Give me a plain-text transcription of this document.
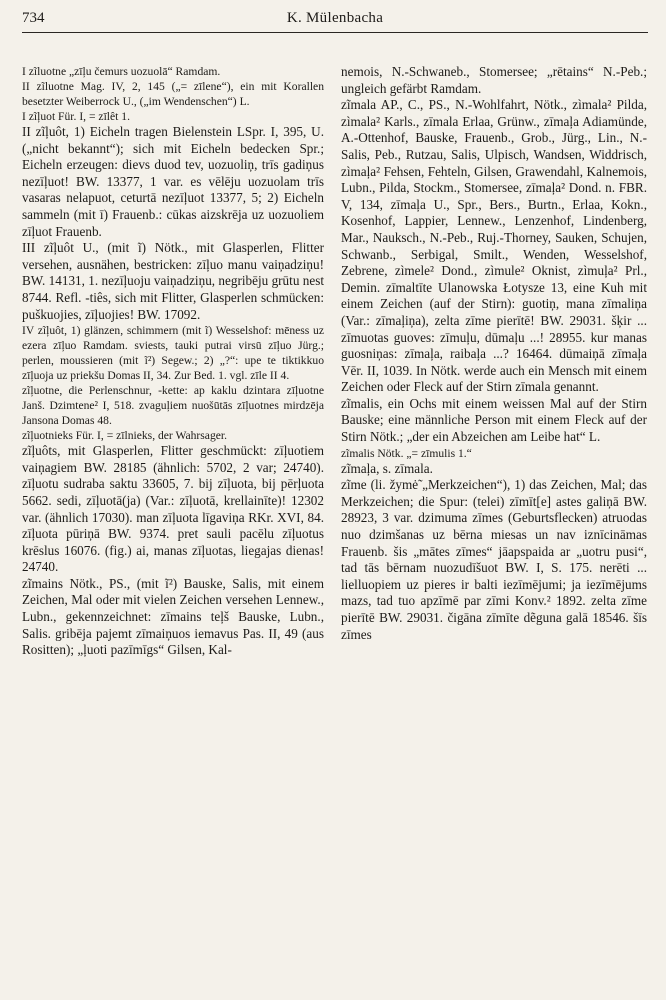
734	K. Mülenbacha

I zĩluotne „zīļu čemurs uozuolā“ Ramdam.

II zĩluotne Mag. IV, 2, 145 („= zīlene“), ein mit Korallen besetzter Weiberrock U., („im Wendenschen“) L.

I zĩļuot Für. I, = zīlêt 1.

II zĩļuôt, 1) Eicheln tragen Bielenstein LSpr. I, 395, U. („nicht bekannt“); sich mit Eicheln bedecken Spr.; Eicheln erzeugen: dievs duod tev, uozuoliņ, trīs gadiņus nezīļuot! BW. 13377, 1 var. es vēlēju uozuolam trīs vasaras nelapuot, ceturtā nezīļuot 13377, 5; 2) Eicheln sammeln (mit ī) Frauenb.: cūkas aizskrēja uz uozuoliem zīļuot Frauenb.

III zĩļuôt U., (mit ĩ) Nötk., mit Glasperlen, Flitter versehen, ausnähen, bestricken: zīļuo manu vaiņadziņu! BW. 14131, 1. nezīļuoju vaiņadziņu, negribēju grūtu nest 8744. Refl. -tiês, sich mit Flitter, Glasperlen schmücken: puškuojies, zīļuojies! BW. 17092.

IV zĩļuôt, 1) glänzen, schimmern (mit ĩ) Wesselshof: mēness uz ezera zīļuo Ramdam. sviests, tauki putrai virsū zīļuo Jürg.; perlen, moussieren (mit ĩ²) Segew.; 2) „?“: upe te tiktikkuo zīļuoja uz priekšu Domas II, 34. Zur Bed. 1. vgl. zīle II 4.

zĩļuotne, die Perlenschnur, -kette: ap kaklu dzintara zīļuotne Janš. Dzimtene² I, 518. zvaguļiem nuošūtās zīļuotnes mirdzēja Jansona Domas 48.

zĩļuotnieks Für. I, = zīlnieks, der Wahrsager.

zĩļuôts, mit Glasperlen, Flitter geschmückt: zīļuotiem vaiņagiem BW. 28185 (ähnlich: 5702, 2 var; 24740). zīļuotu sudraba saktu 33605, 7. bij zīļuota, bij pērļuota 5662. sedi, zīļuotā(ja) (Var.: zīļuotā, krellainīte)! 12302 var. (ähnlich 17030). man zīļuota līgaviņa RKr. XVI, 84. zīļuota pūriņā BW. 9374. pret sauli pacēlu zīļuotus krēslus 16076. (fig.) ai, manas zīļuotas, liegajas dienas! 24740.

zĩmains Nötk., PS., (mit ĩ²) Bauske, Salis, mit einem Zeichen, Mal oder mit vielen Zeichen versehen Lennew., Lubn., gekennzeichnet: zīmains teļš Bauske, Lubn., Salis. gribēja pajemt zīmaiņuos iemavus Pas. II, 49 (aus Rositten); „ļuoti pazīmīgs“ Gilsen, Kal-

nemois, N.-Schwaneb., Stomersee; „rētains“ N.-Peb.; ungleich gefärbt Ramdam.

zĩmala AP., C., PS., N.-Wohlfahrt, Nötk., zìmala² Pilda, zìmala² Karls., zīmala Erlaa, Grünw., zīmaļa Adiamünde, A.-Ottenhof, Bauske, Frauenb., Grob., Jürg., Lin., N.-Salis, Peb., Rutzau, Salis, Ulpisch, Wandsen, Widdrisch, zìmaļa² Fehsen, Fehteln, Gilsen, Grawendahl, Kalnemois, Lubn., Pilda, Stockm., Stomersee, zīmaļa² Dond. n. FBR. V, 134, zīmaļa U., Spr., Bers., Burtn., Erlaa, Kokn., Kosenhof, Lappier, Lennew., Lenzenhof, Lindenberg, Mar., Nauksch., N.-Peb., Ruj.-Thorney, Sauken, Schujen, Schwanb., Serbigal, Smilt., Wenden, Wesselshof, Zebrene, zìmele² Dond., zìmule² Oknist, zìmuļa² Prl., Demin. zīmaltīte Ulanowska Łotysze 13, eine Kuh mit einem Zeichen (auf der Stirn): guotiņ, mana zīmaliņa (Var.: zīmaļiņa), zelta zīme pierītē! BW. 29031. šķir ... zīmuotas guoves: zīmuļu, dūmaļu ...! 28955. kur manas guosniņas: zīmaļa, raibaļa ...? 16464. dūmaiņā zīmaļa Vēr. II, 1039. In Nötk. werde auch ein Mensch mit einem Zeichen oder Fleck auf der Stirn zīmala genannt.

zĩmalis, ein Ochs mit einem weissen Mal auf der Stirn Bauske; eine männliche Person mit einem Fleck auf der Stirn Nötk.; „der ein Abzeichen am Leibe hat“ L.

zĩmalis Nötk. „= zīmulis 1.“

zĩmaļa, s. zīmala.

zĩme (li. žymė̃ „Merkzeichen“), 1) das Zeichen, Mal; das Merkzeichen; die Spur: (telei) zīmīt[e] astes galiņā BW. 28923, 3 var. dzimuma zīmes (Geburtsflecken) atruodas nuo dzimšanas uz bērna miesas un nav iznīcināmas Frauenb. šis „mātes zīmes“ jāapspaida ar „uotru pusi“, tad tās bērnam nuozudīšuot BW. I, S. 175. nerēti ... lielluopiem uz pieres ir balti iezīmējumi; ja iezīmējums mazs, tad tuo apzīmē par zīmi Konv.² 1892. zelta zīme pierītē BW. 29031. čigāna zīmīte dẽguna galā 18546. šīs zīmes
